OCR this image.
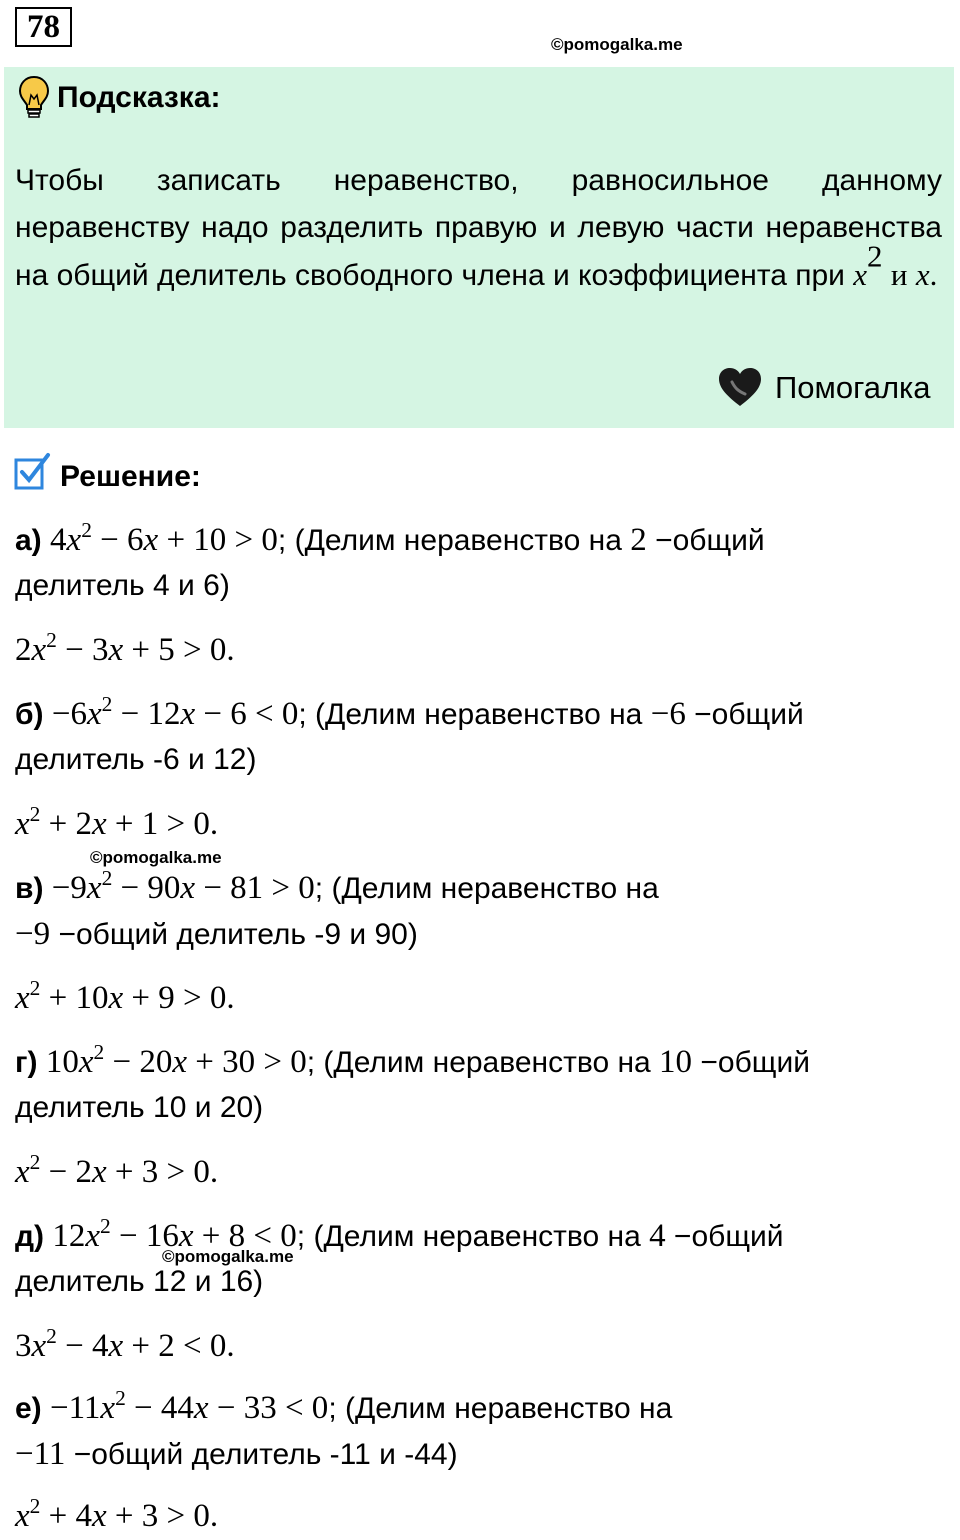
78	©pomogalka.me
Подсказка:
Чтобы записать неравенство, равносильное данному неравенству надо разделить правую и левую части неравенства на общий делитель свободного члена и коэффициента при $x^2$ и x.
Помогалка
Решение:
а) $4x^2 - 6x + 10 > 0$; (Делим неравенство на 2 −общий
делитель 4 и 6)
$2x^2 - 3x + 5 > 0$.
$б) -6x^2 - 12x - 6 < 0$; (Делим неравенство на −6 −общий
делитель -6 и 12)
$x^2 + 2x + 1 > 0$.
©pomogalka.me
$в) -9x^2 - 90x - 81 > 0$; (Делим неравенство на
−9 −общий делитель -9 и 90)
$x^2 + 10x + 9 > 0$.
г) $10x^2 - 20x + 30 > 0$; (Делим неравенство на 10 −общий
делитель 10 и 20)
$x^2 - 2x + 3 > 0$.
д) $12x^2 - 16x + 8 < 0$; (Делим неравенство на 4 −общий
©pomogalka.me
делитель 12 и 16)
$3x^2 - 4x + 2 < 0$.
$е) -11x^2 - 44x - 33 < 0$; (Делим неравенство на
−11 −общий делитель -11 и -44)
$x^2 + 4x + 3 > 0$.
